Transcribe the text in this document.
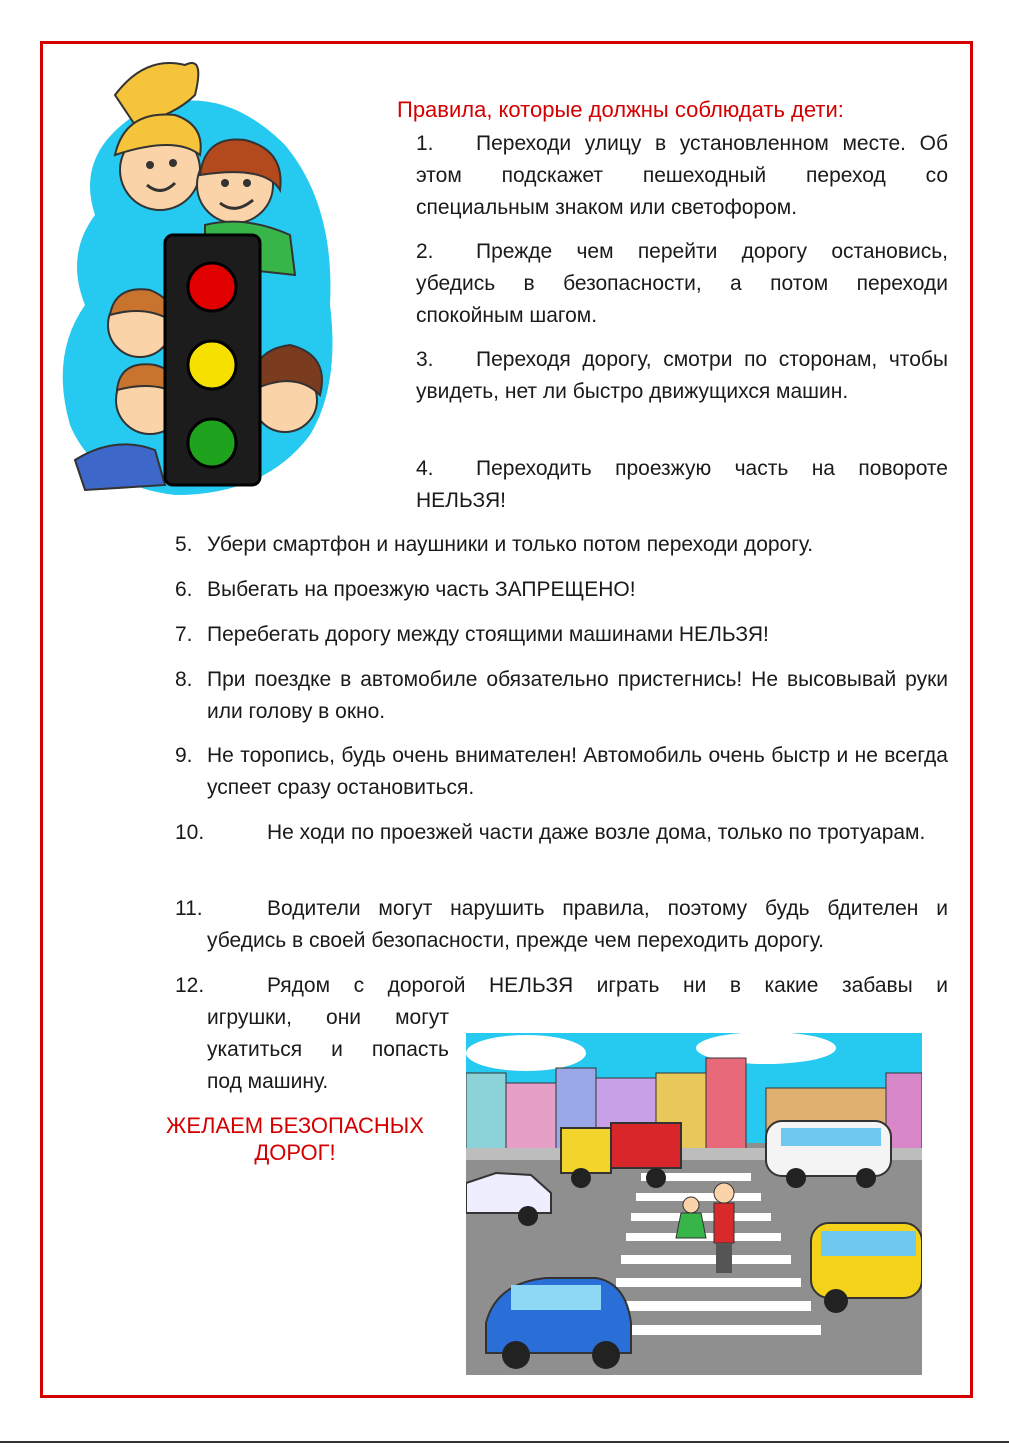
Правила, которые должны соблюдать дети:
1. Переходи улицу в установленном месте. Об этом подскажет пешеходный переход со специальным знаком или светофором.
2. Прежде чем перейти дорогу остановись, убедись в безопасности, а потом переходи спокойным шагом.
3. Переходя дорогу, смотри по сторонам, чтобы увидеть, нет ли быстро движущихся машин.
4. Переходить проезжую часть на повороте НЕЛЬЗЯ!
5. Убери смартфон и наушники и только потом переходи дорогу.
6. Выбегать на проезжую часть ЗАПРЕЩЕНО!
7. Перебегать дорогу между стоящими машинами НЕЛЬЗЯ!
8. При поездке в автомобиле обязательно пристегнись! Не высовывай руки или голову в окно.
9. Не торопись, будь очень внимателен! Автомобиль очень быстр и не всегда успеет сразу остановиться.
10.	Не ходи по проезжей части даже возле дома, только по тротуарам.
11.	Водители могут нарушить правила, поэтому будь бдителен и убедись в своей безопасности, прежде чем переходить дорогу.
12.	Рядом с дорогой НЕЛЬЗЯ играть ни в какие забавы и
игрушки, они могут
укатиться и попасть
под машину.
ЖЕЛАЕМ БЕЗОПАСНЫХ
ДОРОГ!
